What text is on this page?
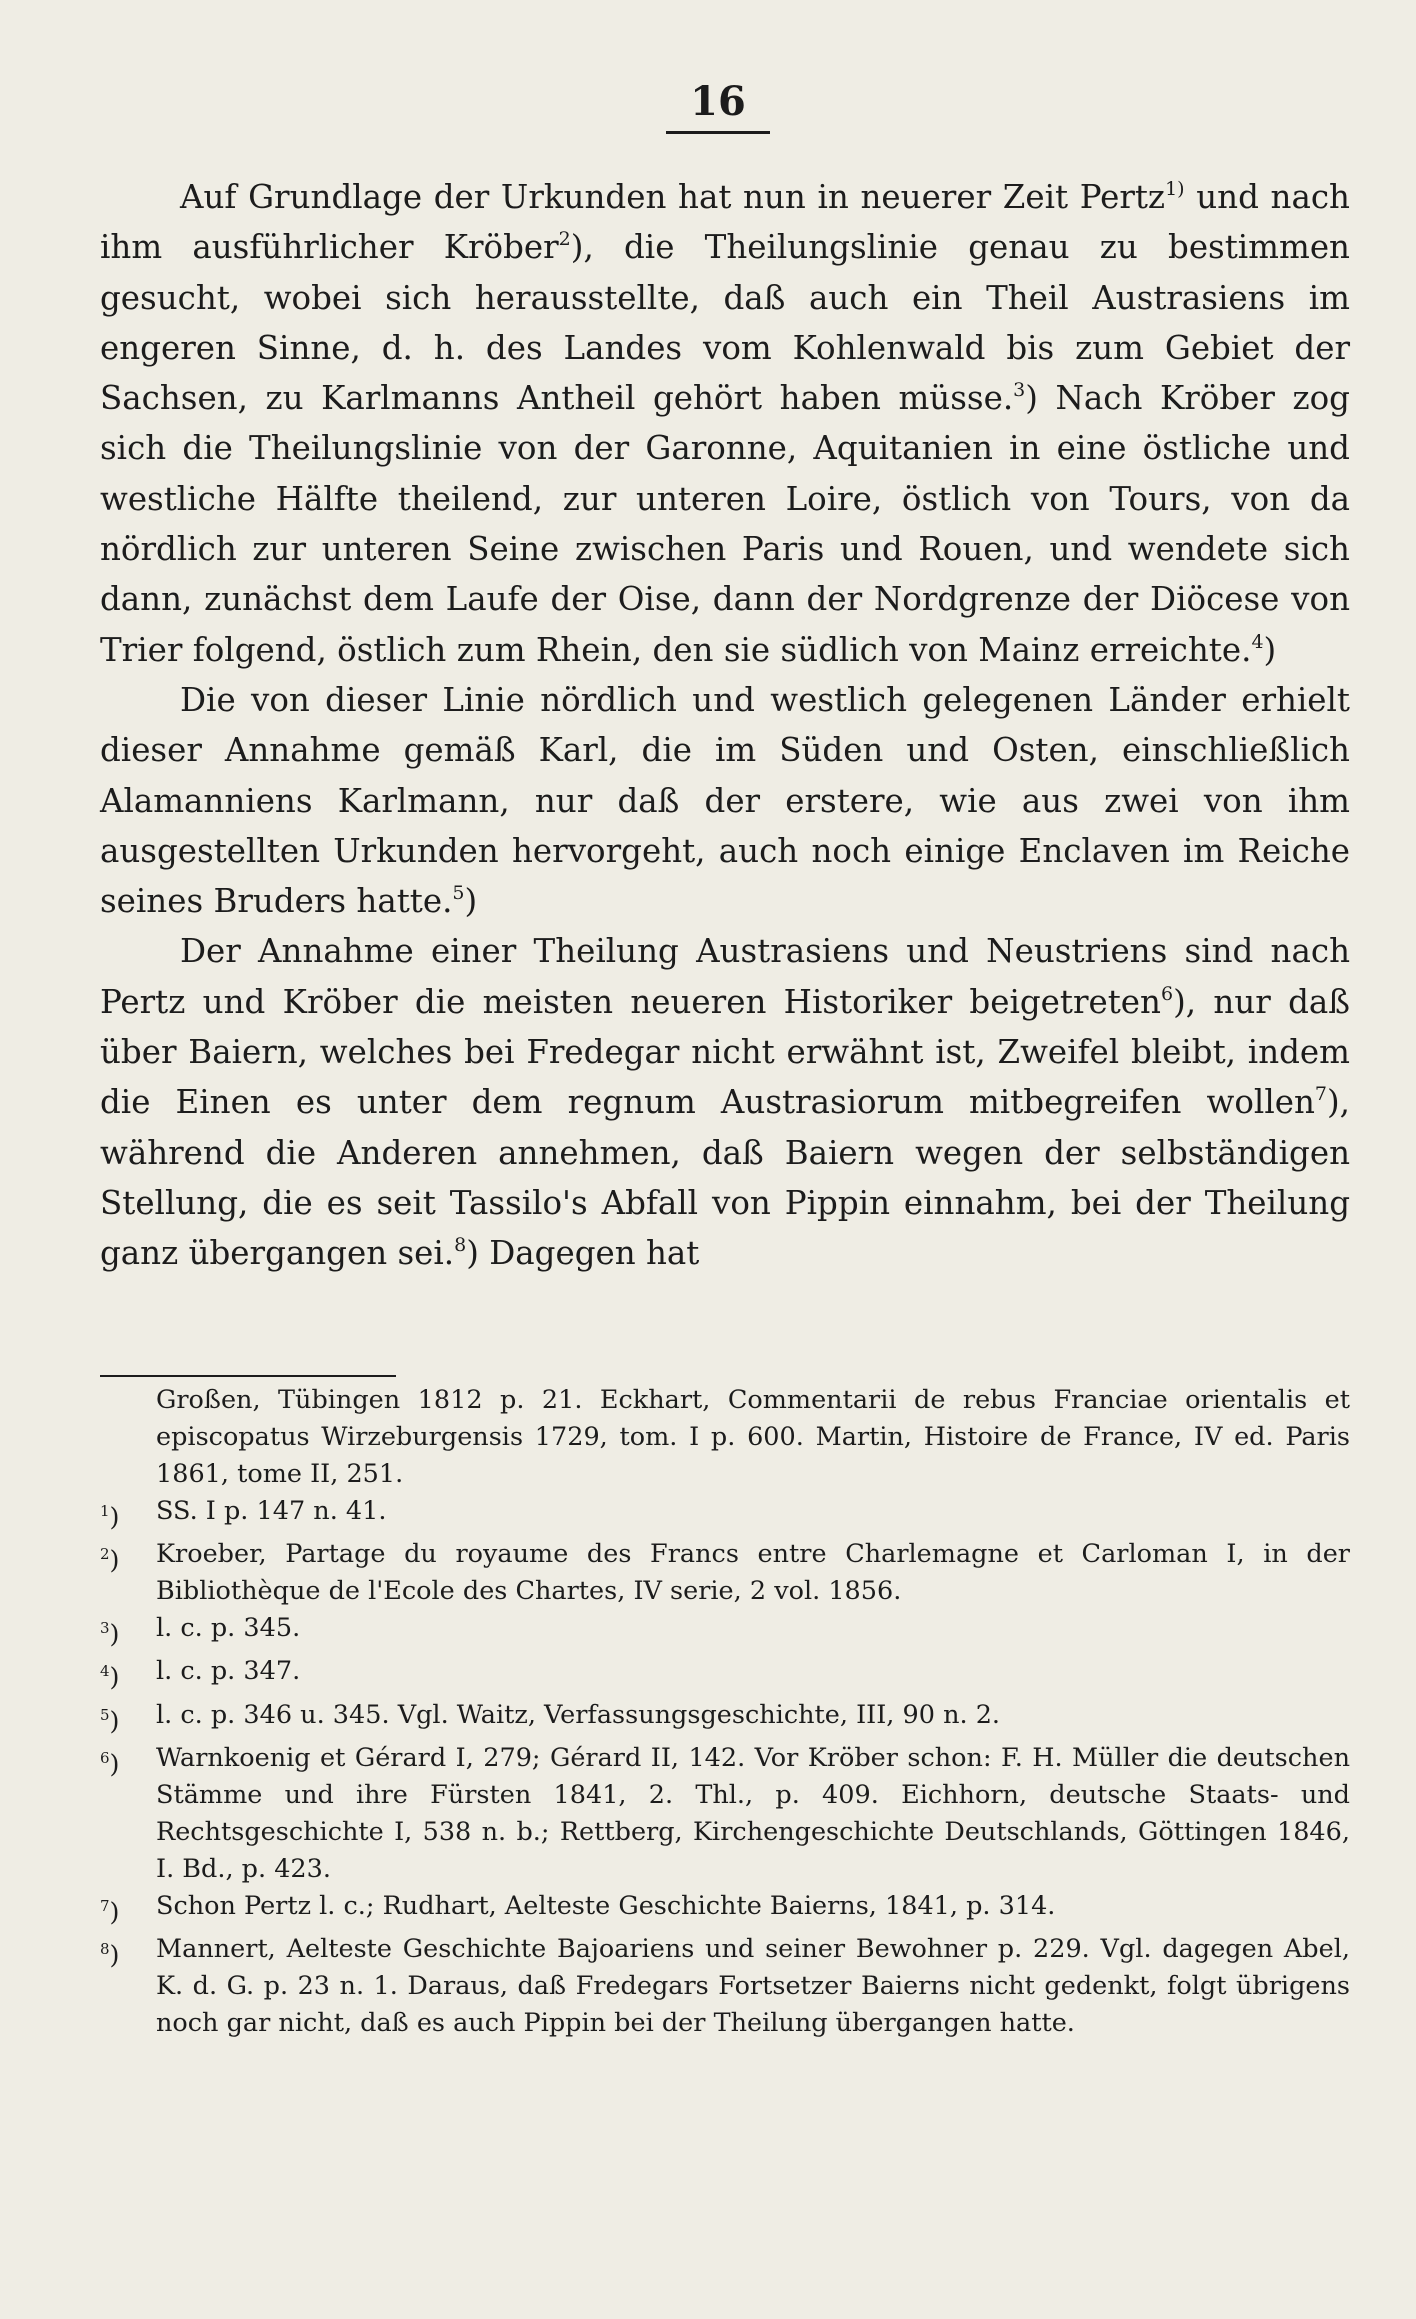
16

Auf Grundlage der Urkunden hat nun in neuerer Zeit Pertz$^{1)}$ und nach ihm ausführlicher Kröber$^2$), die Theilungslinie genau zu bestimmen gesucht, wobei sich herausstellte, daß auch ein Theil Austrasiens im engeren Sinne, d. h. des Landes vom Kohlenwald bis zum Gebiet der Sachsen, zu Karlmanns Antheil gehört haben müsse.$^3$) Nach Kröber zog sich die Theilungslinie von der Garonne, Aquitanien in eine östliche und westliche Hälfte theilend, zur unteren Loire, östlich von Tours, von da nördlich zur unteren Seine zwischen Paris und Rouen, und wendete sich dann, zunächst dem Laufe der Oise, dann der Nordgrenze der Diöcese von Trier folgend, östlich zum Rhein, den sie südlich von Mainz erreichte.$^4$)

Die von dieser Linie nördlich und westlich gelegenen Länder erhielt dieser Annahme gemäß Karl, die im Süden und Osten, einschließlich Alamanniens Karlmann, nur daß der erstere, wie aus zwei von ihm ausgestellten Urkunden hervorgeht, auch noch einige Enclaven im Reiche seines Bruders hatte.$^5$)

Der Annahme einer Theilung Austrasiens und Neustriens sind nach Pertz und Kröber die meisten neueren Historiker beigetreten$^6$), nur daß über Baiern, welches bei Fredegar nicht erwähnt ist, Zweifel bleibt, indem die Einen es unter dem regnum Austrasiorum mitbegreifen wollen$^7$), während die Anderen annehmen, daß Baiern wegen der selbständigen Stellung, die es seit Tassilo's Abfall von Pippin einnahm, bei der Theilung ganz übergangen sei.$^8$) Dagegen hat

Großen, Tübingen 1812 p. 21. Eckhart, Commentarii de rebus Franciae orientalis et episcopatus Wirzeburgensis 1729, tom. I p. 600. Martin, Histoire de France, IV ed. Paris 1861, tome II, 251.

$^1$)	SS. I p. 147 n. 41.
$^2$)	Kroeber, Partage du royaume des Francs entre Charlemagne et Carloman I, in der Bibliothèque de l'Ecole des Chartes, IV serie, 2 vol. 1856.
$^3$)	l. c. p. 345.
$^4$)	l. c. p. 347.
$^5$)	l. c. p. 346 u. 345. Vgl. Waitz, Verfassungsgeschichte, III, 90 n. 2.
$^6$)	Warnkoenig et Gérard I, 279; Gérard II, 142. Vor Kröber schon: F. H. Müller die deutschen Stämme und ihre Fürsten 1841, 2. Thl., p. 409. Eichhorn, deutsche Staats- und Rechtsgeschichte I, 538 n. b.; Rettberg, Kirchengeschichte Deutschlands, Göttingen 1846, I. Bd., p. 423.
$^7$)	Schon Pertz l. c.; Rudhart, Aelteste Geschichte Baierns, 1841, p. 314.
$^8$)	Mannert, Aelteste Geschichte Bajoariens und seiner Bewohner p. 229. Vgl. dagegen Abel, K. d. G. p. 23 n. 1. Daraus, daß Fredegars Fortsetzer Baierns nicht gedenkt, folgt übrigens noch gar nicht, daß es auch Pippin bei der Theilung übergangen hatte.
